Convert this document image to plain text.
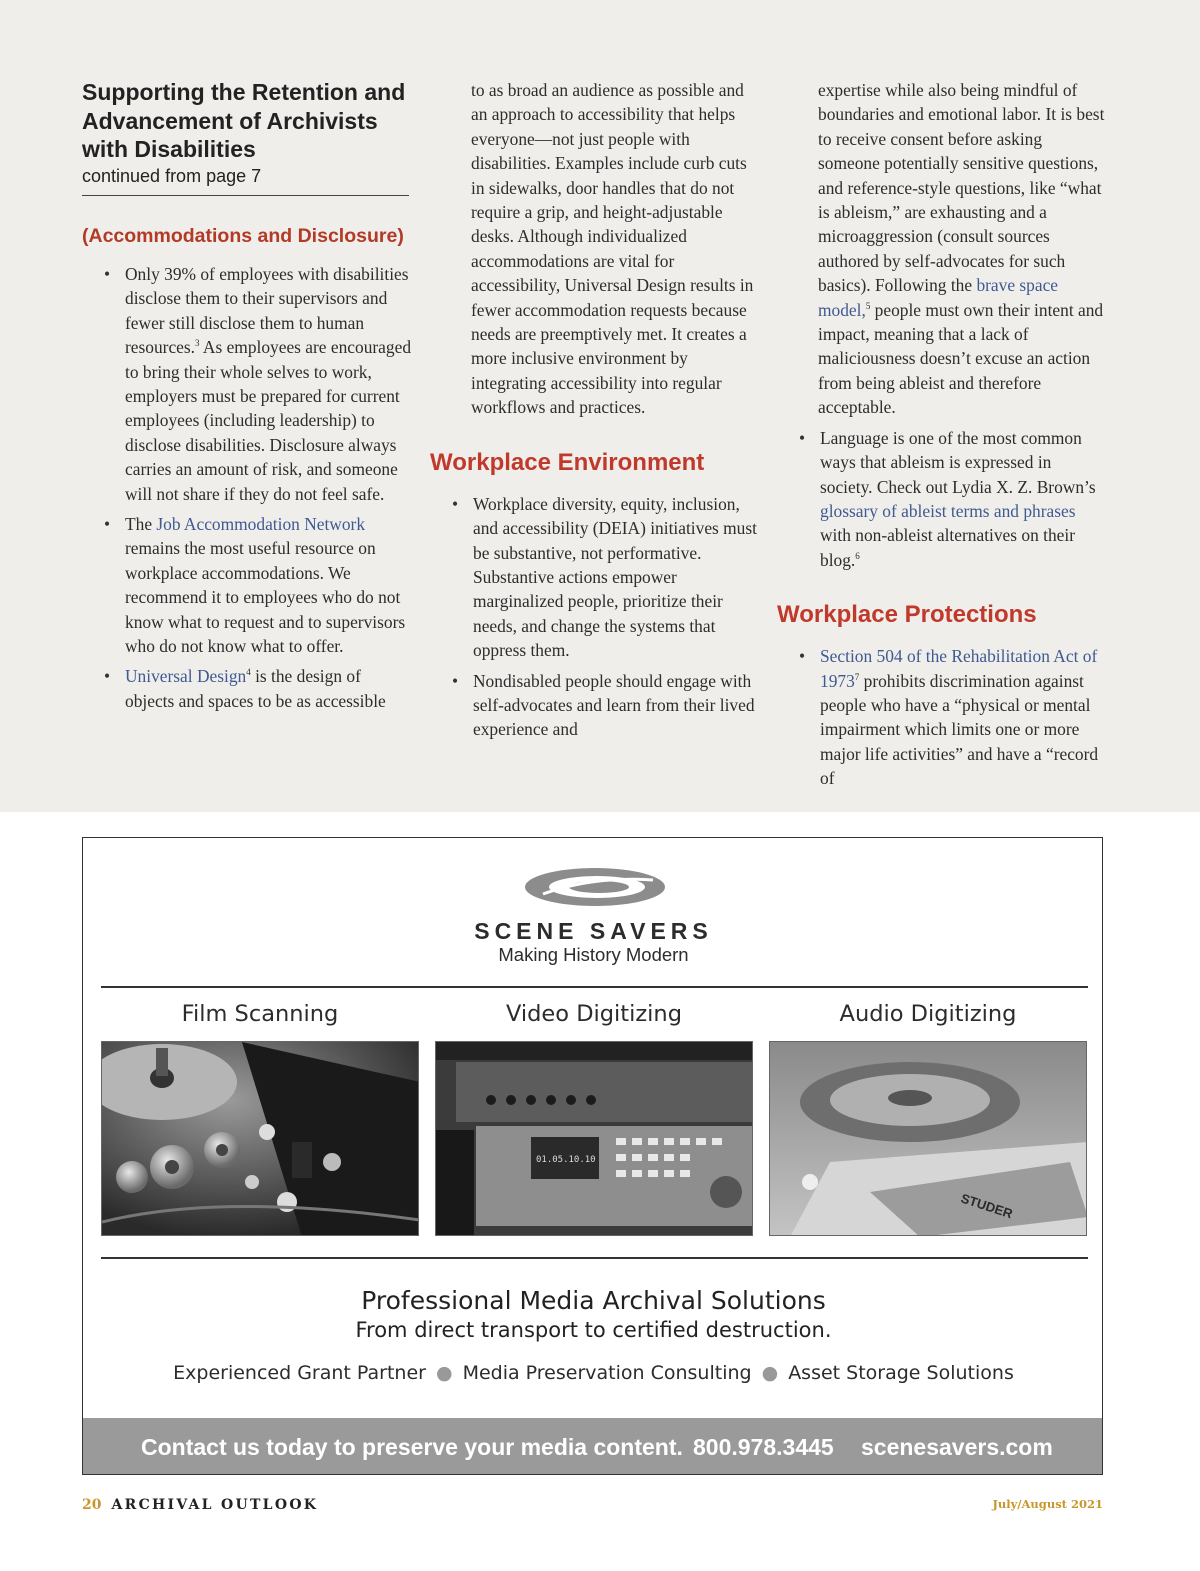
Supporting the Retention and Advancement of Archivists with Disabilities
continued from page 7
(Accommodations and Disclosure)
• Only 39% of employees with disabilities disclose them to their supervisors and fewer still disclose them to human resources.$^3$ As employees are encouraged to bring their whole selves to work, employers must be prepared for current employees (including leadership) to disclose disabilities. Disclosure always carries an amount of risk, and someone will not share if they do not feel safe.
• The Job Accommodation Network remains the most useful resource on workplace accommodations. We recommend it to employees who do not know what to request and to supervisors who do not know what to offer.
• Universal Design$^4$ is the design of objects and spaces to be as accessible
to as broad an audience as possible and an approach to accessibility that helps everyone—not just people with disabilities. Examples include curb cuts in sidewalks, door handles that do not require a grip, and height-adjustable desks. Although individualized accommodations are vital for accessibility, Universal Design results in fewer accommodation requests because needs are preemptively met. It creates a more inclusive environment by integrating accessibility into regular workflows and practices.
Workplace Environment
• Workplace diversity, equity, inclusion, and accessibility (DEIA) initiatives must be substantive, not performative. Substantive actions empower marginalized people, prioritize their needs, and change the systems that oppress them.
• Nondisabled people should engage with self-advocates and learn from their lived experience and
expertise while also being mindful of boundaries and emotional labor. It is best to receive consent before asking someone potentially sensitive questions, and reference-style questions, like “what is ableism,” are exhausting and a microaggression (consult sources authored by self-advocates for such basics). Following the brave space model,$^5$ people must own their intent and impact, meaning that a lack of maliciousness doesn’t excuse an action from being ableist and therefore acceptable.
• Language is one of the most common ways that ableism is expressed in society. Check out Lydia X. Z. Brown’s glossary of ableist terms and phrases with non-ableist alternatives on their blog.$^6$
Workplace Protections
• Section 504 of the Rehabilitation Act of 1973$^7$ prohibits discrimination against people who have a “physical or mental impairment which limits one or more major life activities” and have a “record of
SCENE SAVERS
Making History Modern
Film Scanning	Video Digitizing	Audio Digitizing
01.05.10.10
STUDER
Professional Media Archival Solutions
From direct transport to certified destruction.
Experienced Grant Partner ● Media Preservation Consulting ● Asset Storage Solutions
Contact us today to preserve your media content. 800.978.3445 scenesavers.com
20 ARCHIVAL OUTLOOK	July/August 2021
